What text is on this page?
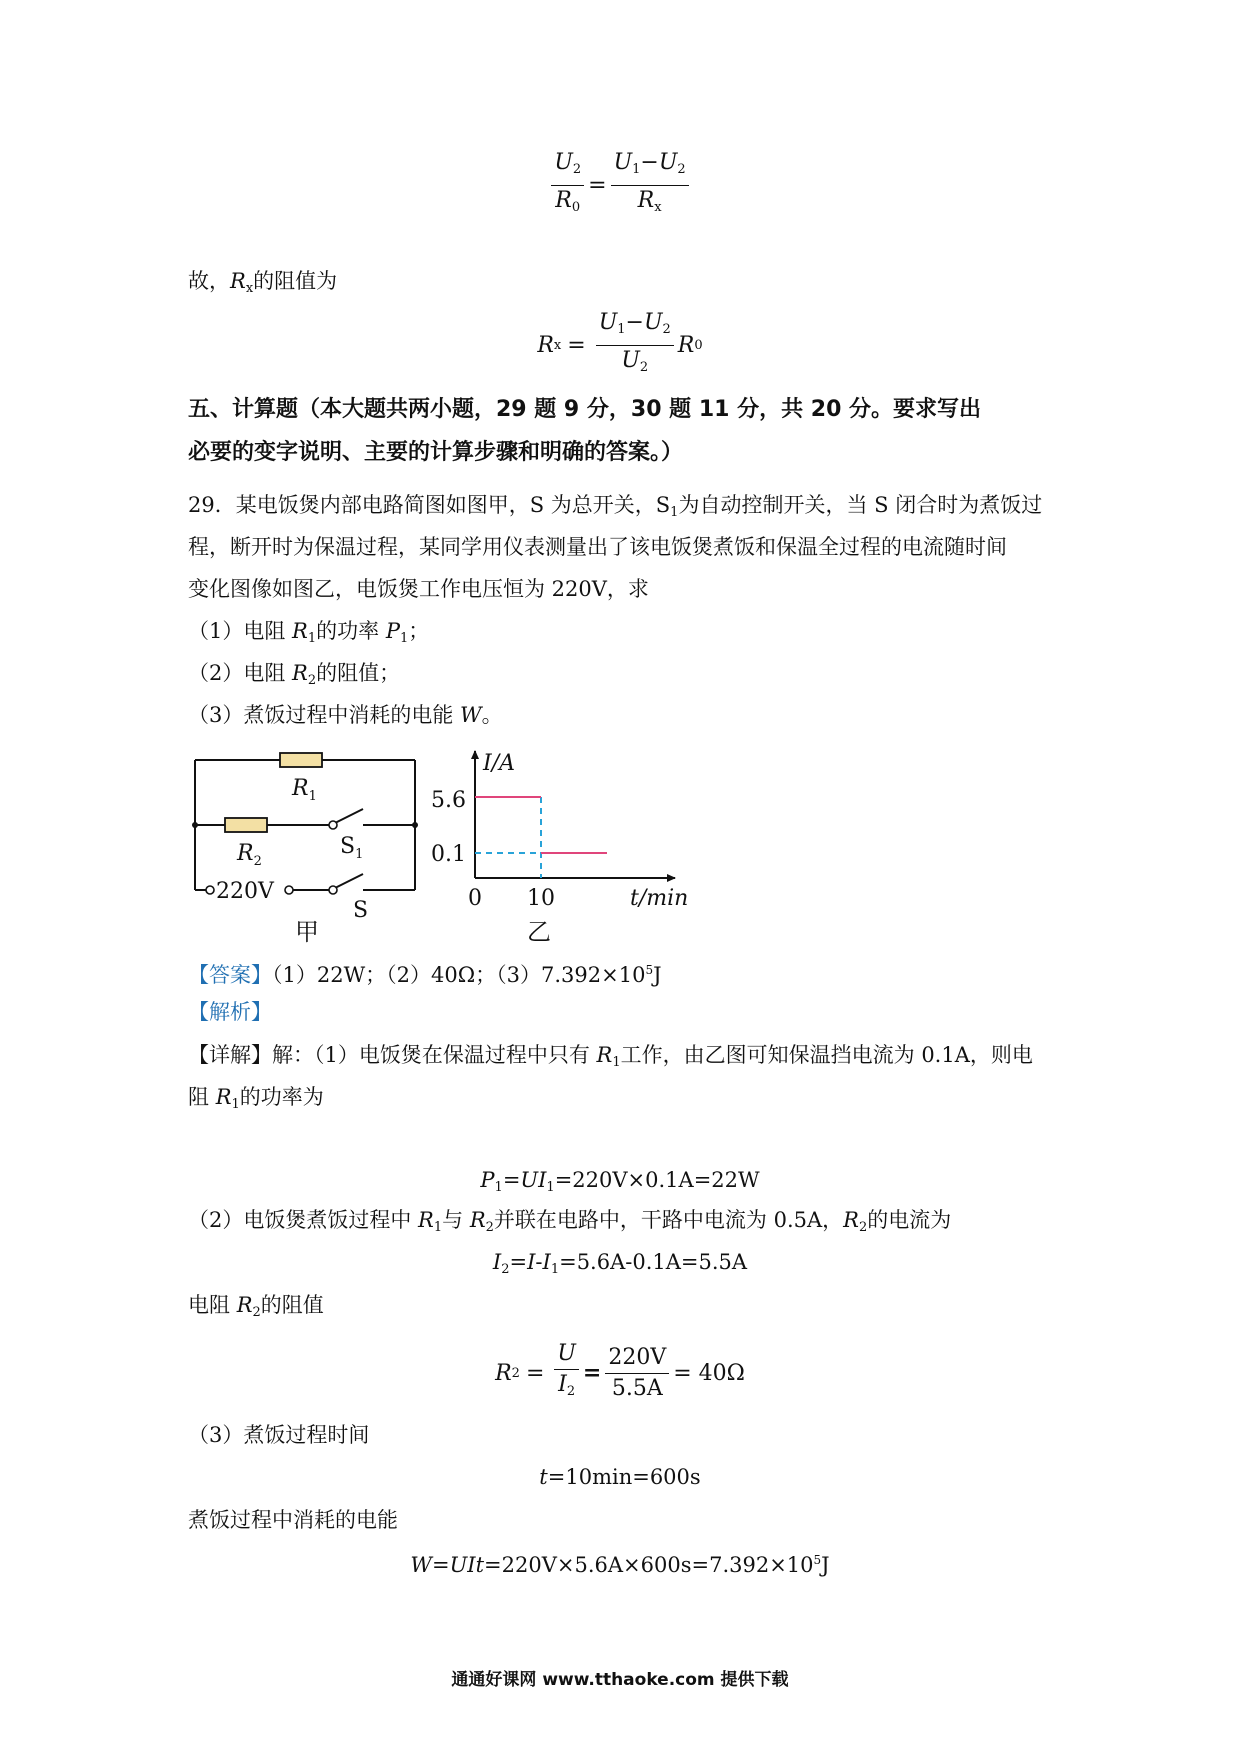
$\frac{U_2}{R_0} = \frac{U_1-U_2}{R_x}$
故，$R_x$的阻值为
R $x = \frac{U_1-U_2}{U_2}$ R 0
五、计算题（本大题共两小题，29 题 9 分，30 题 11 分，共 20 分。要求写出
必要的变字说明、主要的计算步骤和明确的答案。）
29．某电饭煲内部电路简图如图甲，S 为总开关，$S_1$为自动控制开关，当 S 闭合时为煮饭过
程，断开时为保温过程，某同学用仪表测量出了该电饭煲煮饭和保温全过程的电流随时间
变化图像如图乙，电饭煲工作电压恒为 220V，求
（1）电阻 $R_1$的功率 $P_1$；
（2）电阻 $R_2$的阻值；
（3）煮饭过程中消耗的电能 W。
$R_1$
$R_2$
$S_1$
220V
S
甲
I/A
t/min
5.6
0.1
0 10
乙
【答案】（1）22W；（2）40Ω；$(3)7.392\times 10^5J$
【解析】
【详解】解：（1）电饭煲在保温过程中只有 $R_1$工作，由乙图可知保温挡电流为 0.1A，则电
阻 $R_1$的功率为
$P_1=UI_1=220V\times 0.1A=22W$
（2）电饭煲煮饭过程中 $R_1$与 $R_2$并联在电路中，干路中电流为 0.5A，$R_2$的电流为
$I_2=I-I_1=5.6A-0.1A=5.5A$
电阻 $R_2$的阻值
R $2 = \frac{U}{I_2} = \frac{220V}{5.5A} = 40\Omega$
（3）煮饭过程时间
t=10min=600s
煮饭过程中消耗的电能
$W=UIt=220V\times 5.6A\times 600s=7.392\times 10^5J$
通通好课网 www.tthaoke.com 提供下载
